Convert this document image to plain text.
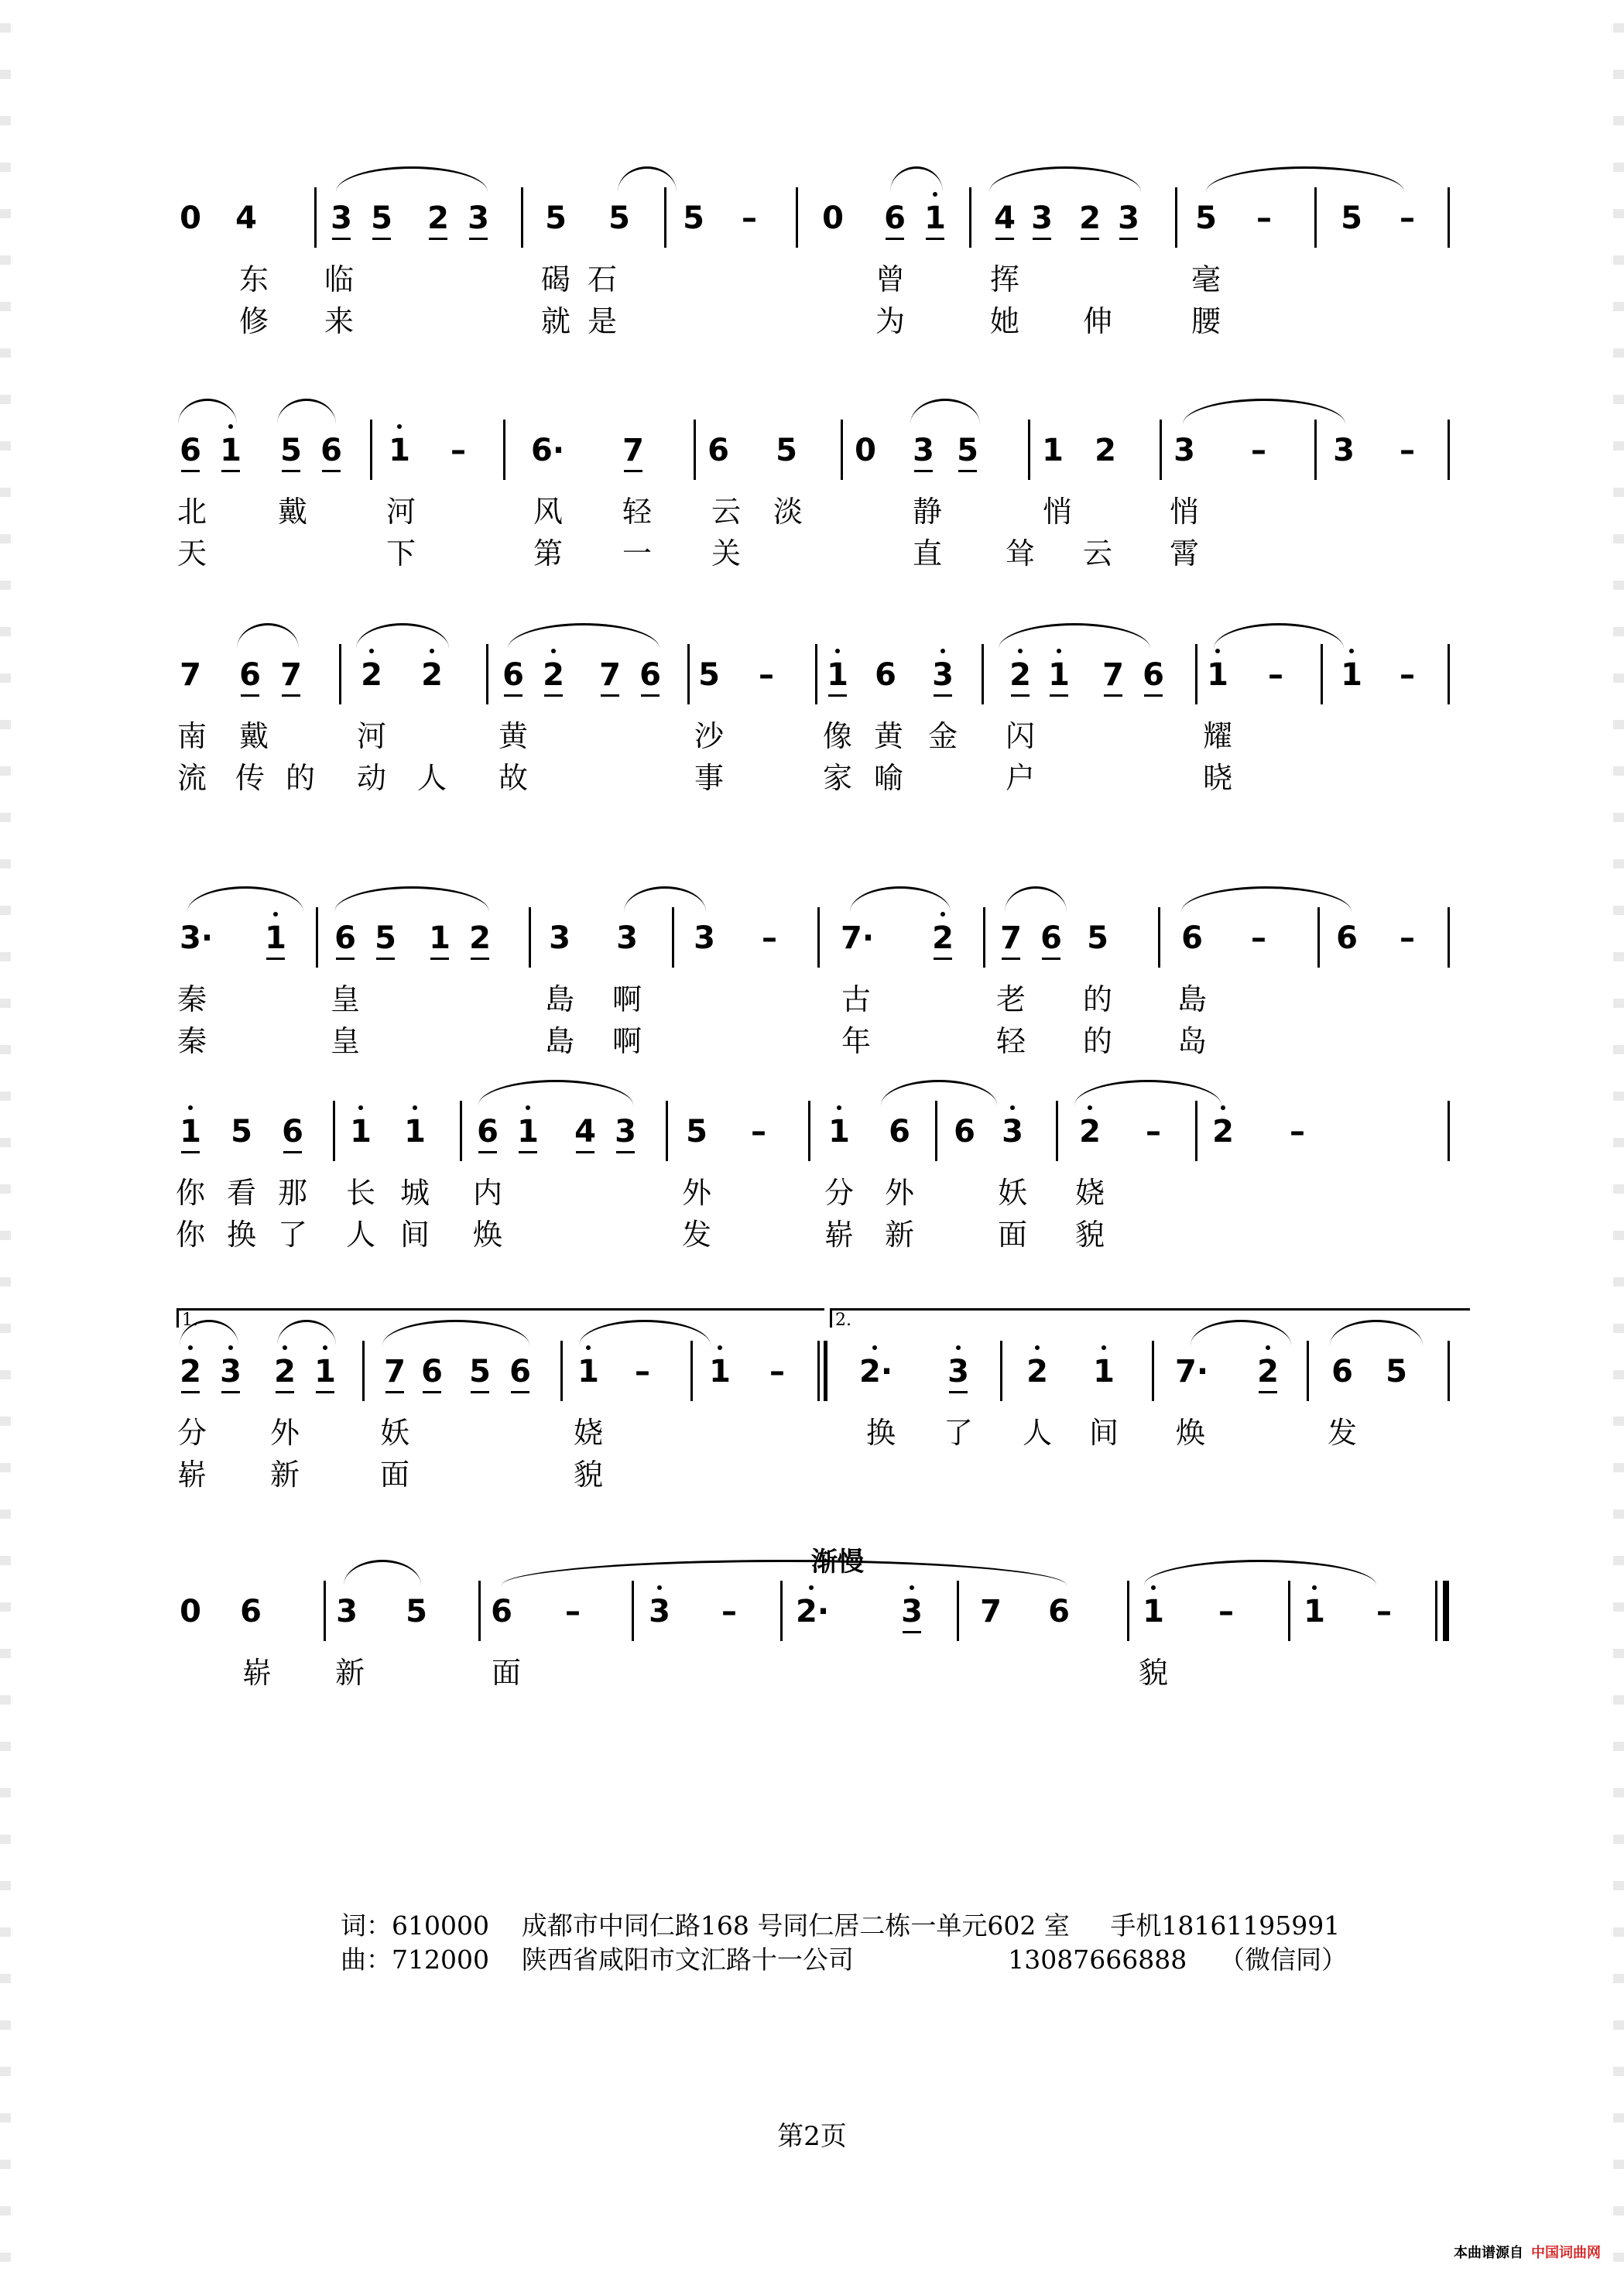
0 4 3 5 2 3 5 5 5 – 0 6 1 4 3 2 3 5 – 5 –
东 临	碣 石	曾	挥	毫
修 来	就 是	为	她 伸	腰
6 1 5 6 1 – 6· 7 6 5 0 3 5 1 2 3 – 3 –
北 戴	河	风 轻 云 淡	静	悄	悄
天	下	第 一 关	直 耸 云 霄
7 6 7 2 2 6 2 7 6 5 – 1 6 3 2 1 7 6 1 – 1 –
南 戴	河	黄	沙	像 黄 金 闪	耀
流 传 的 动 人 故	事	家 喻	户	晓
3· 1 6 5 1 2 3 3 3 – 7· 2 7 6 5 6 – 6 –
秦	皇	島 啊	古	老 的 島
秦	皇	島 啊	年	轻 的 岛
1 5 6 1 1 6 1 4 3 5 – 1 6 6 3 2 – 2 –
你 看 那 长 城 内	外	分 外	妖 娆
你 换 了 人 间 焕	发	崭 新	面 貌
1.	2.
2 3 2 1 7 6 5 6 1 – 1 – 2· 3 2 1 7· 2 6 5
分 外	妖	娆	换 了 人 间 焕	发
崭 新	面	貌
渐慢
0 6 3 5 6 – 3 – 2· 3 7 6 1 – 1 –
崭 新	面	貌
词：610000    成都市中同仁路168 号同仁居二栋一单元602 室     手机18161195991
曲：712000    陕西省咸阳市文汇路十一公司                   13087666888    （微信同）
第2页
本曲谱源自 中国词曲网
